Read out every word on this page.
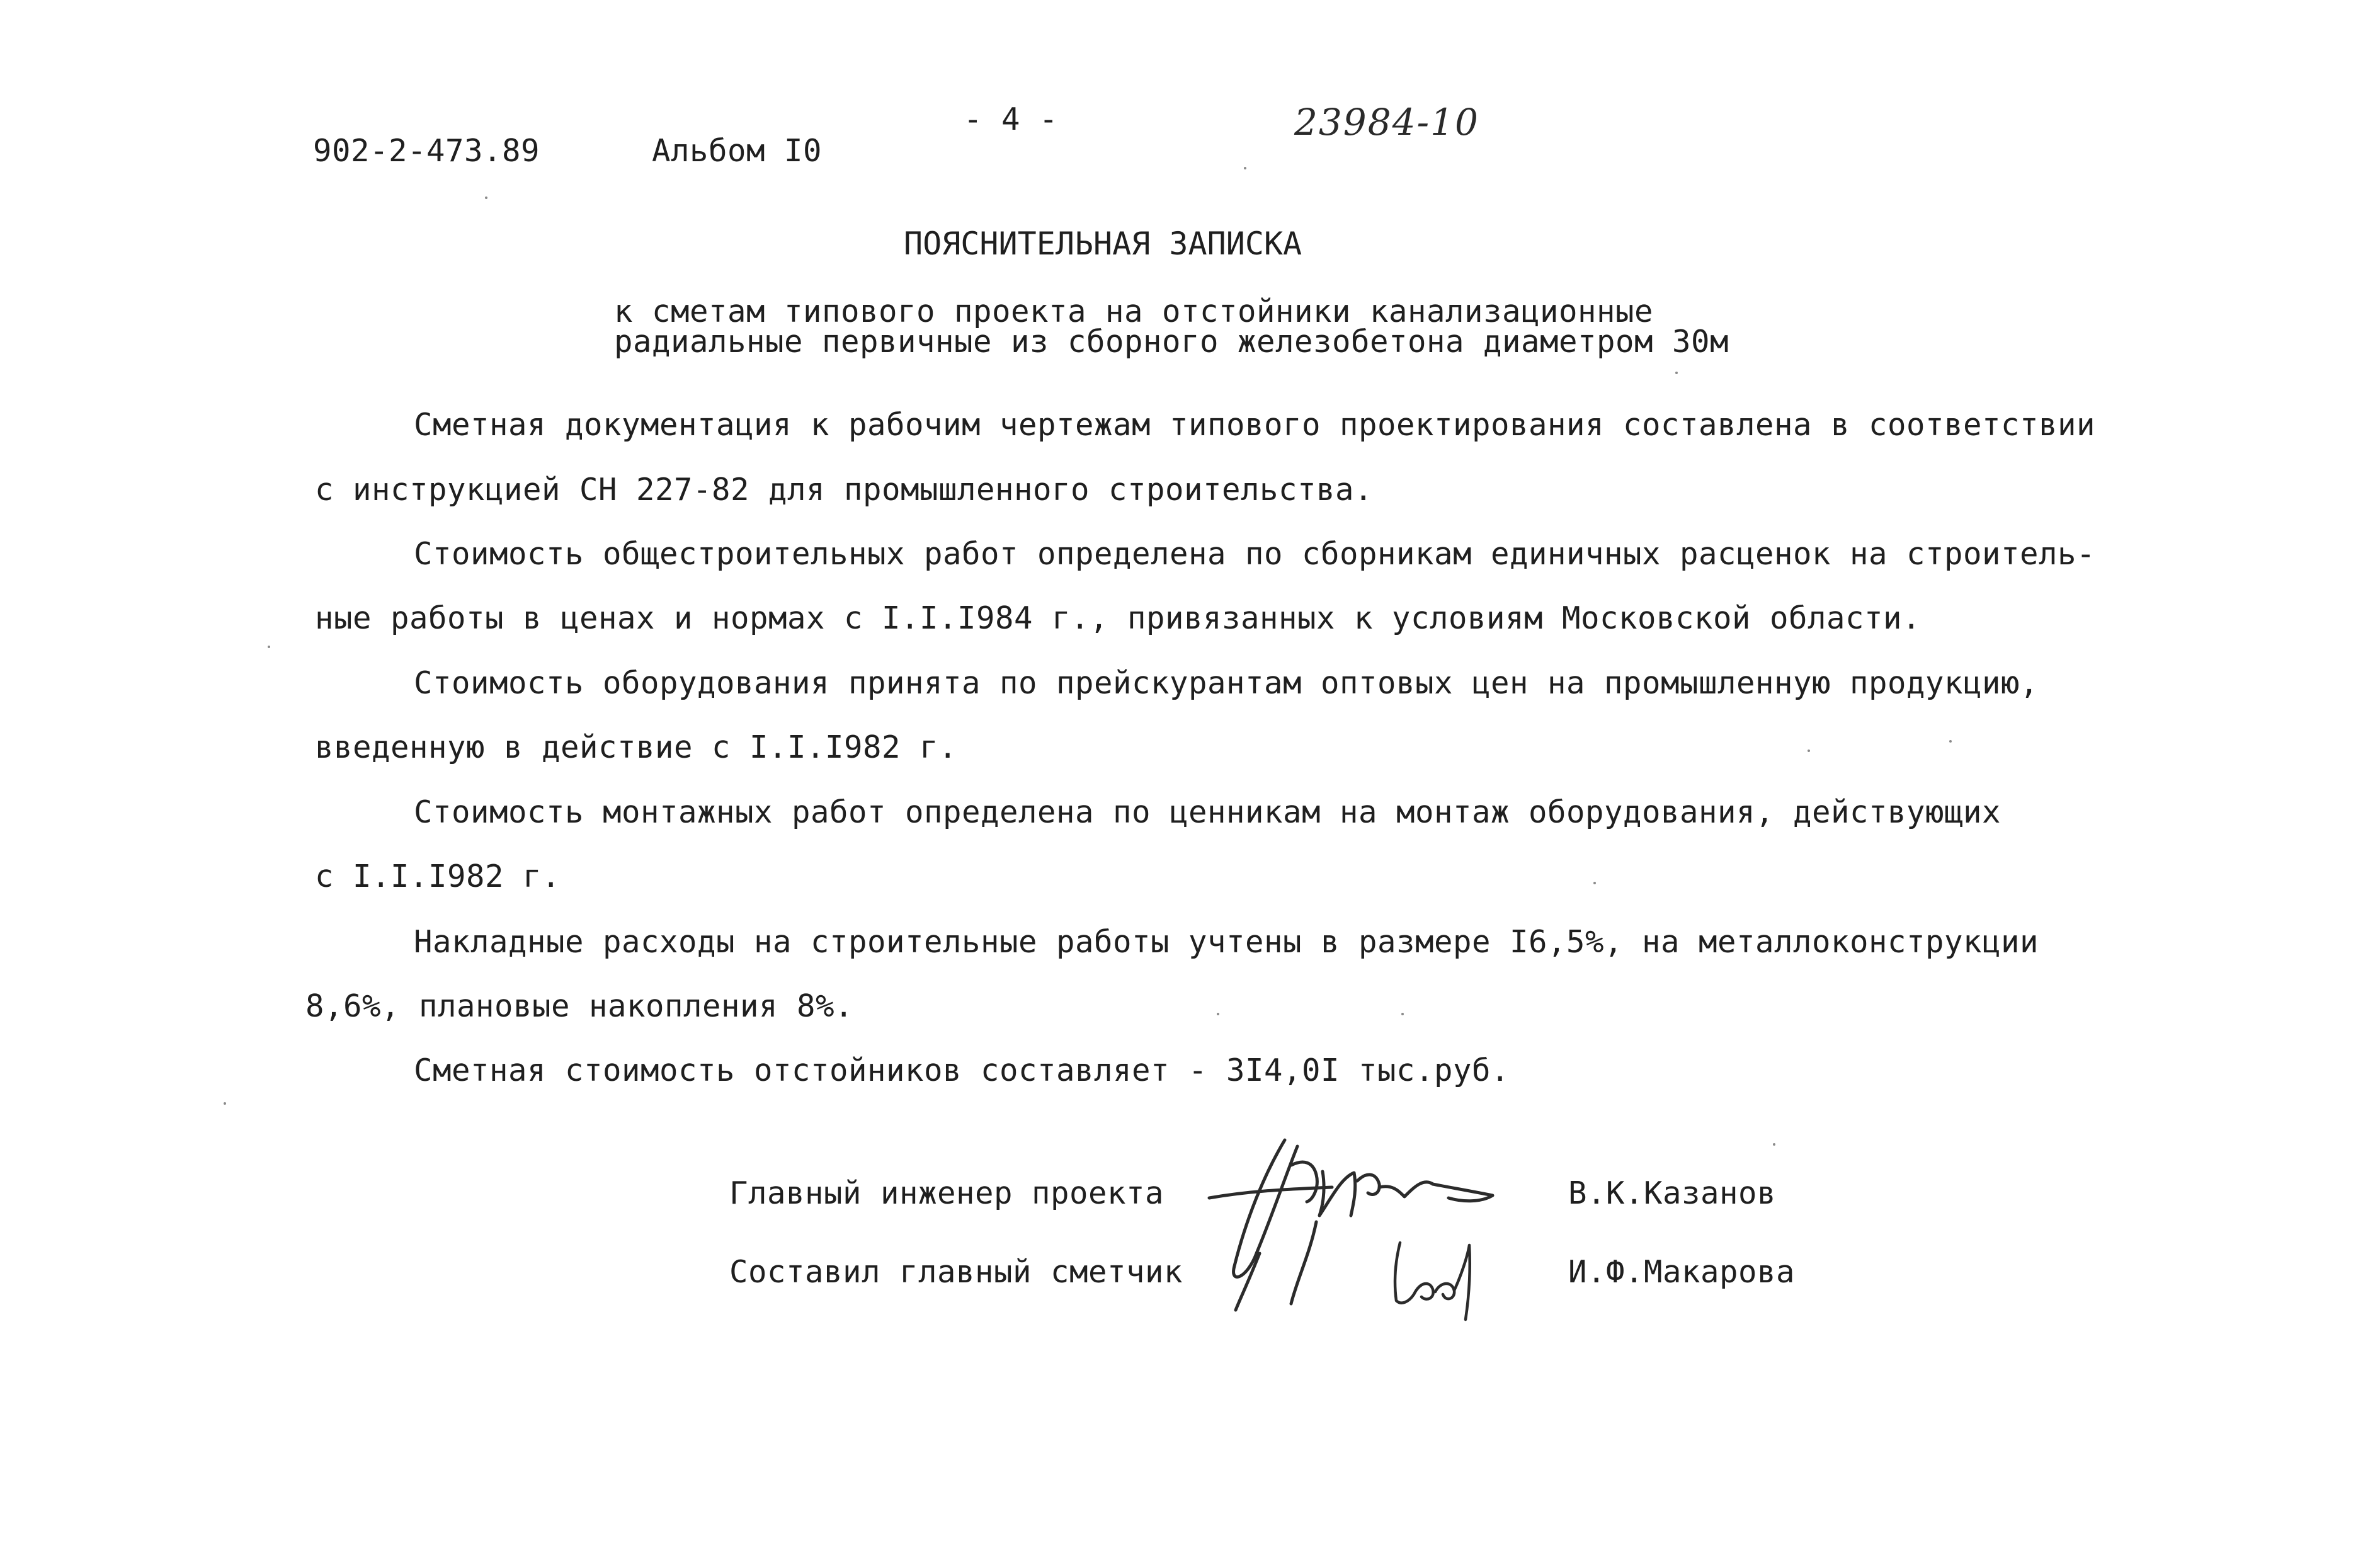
902-2-473.89	Альбом I0
- 4 -	23984-10
ПОЯСНИТЕЛЬНАЯ ЗАПИСКА
к сметам типового проекта на отстойники канализационные
радиальные первичные из сборного железобетона диаметром 30м
Сметная документация к рабочим чертежам типового проектирования составлена в соответствии
с инструкцией СН 227-82 для промышленного строительства.
Стоимость общестроительных работ определена по сборникам единичных расценок на строитель-
ные работы в ценах и нормах с I.I.I984 г., привязанных к условиям Московской области.
Стоимость оборудования принята по прейскурантам оптовых цен на промышленную продукцию,
введенную в действие с I.I.I982 г.
Стоимость монтажных работ определена по ценникам на монтаж оборудования, действующих
с I.I.I982 г.
Накладные расходы на строительные работы учтены в размере I6,5%, на металлоконструкции
8,6%, плановые накопления 8%.
Сметная стоимость отстойников составляет - 3I4,0I тыс.руб.
Главный инженер проекта	В.К.Казанов
Составил главный сметчик	И.Ф.Макарова
